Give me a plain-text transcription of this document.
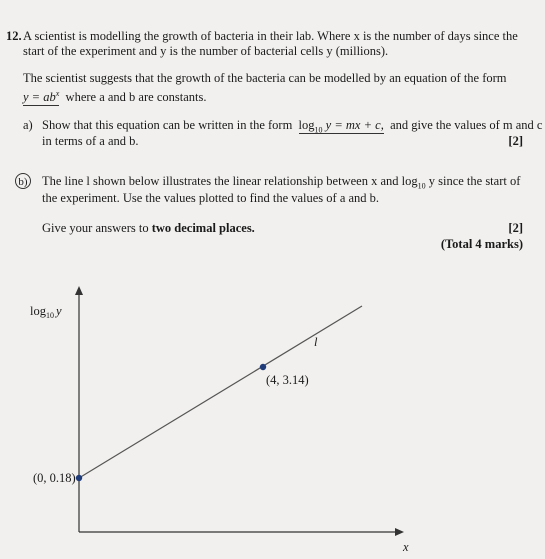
12. A scientist is modelling the growth of bacteria in their lab. Where x is the number of days since the
start of the experiment and y is the number of bacterial cells y (millions).
The scientist suggests that the growth of the bacteria can be modelled by an equation of the form
$y = ab^x$ where a and b are constants.
a) Show that this equation can be written in the form $\log_{10} y$ = mx + c, and give the values of m and c
in terms of a and b.	[2]
b) The line l shown below illustrates the linear relationship between x and $\log_{10} y$ since the start of
the experiment. Use the values plotted to find the values of a and b.
Give your answers to two decimal places.	[2]
(Total 4 marks)
$\log_{10} y$
l
(4, 3.14)
(0, 0.18)
x
